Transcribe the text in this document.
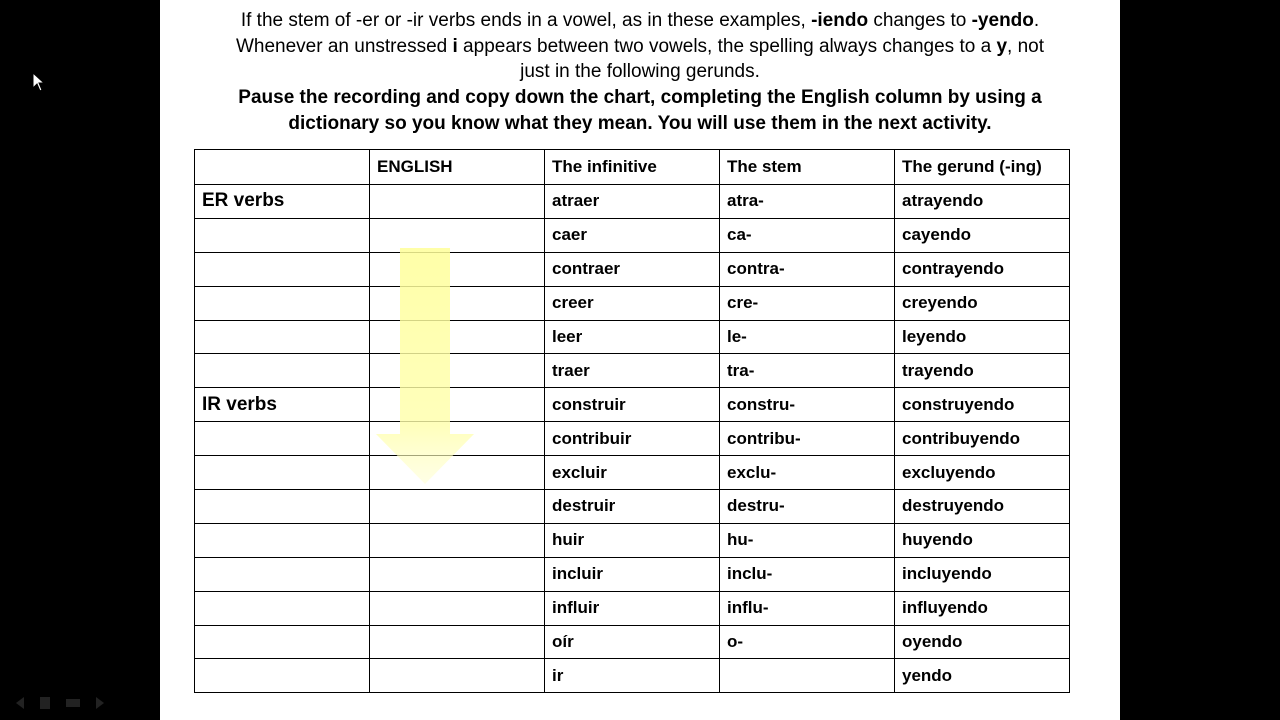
If the stem of -er or -ir verbs ends in a vowel, as in these examples, -iendo changes to -yendo.
Whenever an unstressed i appears between two vowels, the spelling always changes to a y, not
just in the following gerunds.
Pause the recording and copy down the chart, completing the English column by using a
dictionary so you know what they mean. You will use them in the next activity.
	ENGLISH	The infinitive	The stem	The gerund (-ing)
ER verbs		atraer	atra-	atrayendo
		caer	ca-	cayendo
		contraer	contra-	contrayendo
		creer	cre-	creyendo
		leer	le-	leyendo
		traer	tra-	trayendo
IR verbs		construir	constru-	construyendo
		contribuir	contribu-	contribuyendo
		excluir	exclu-	excluyendo
		destruir	destru-	destruyendo
		huir	hu-	huyendo
		incluir	inclu-	incluyendo
		influir	influ-	influyendo
		oír	o-	oyendo
		ir		yendo
